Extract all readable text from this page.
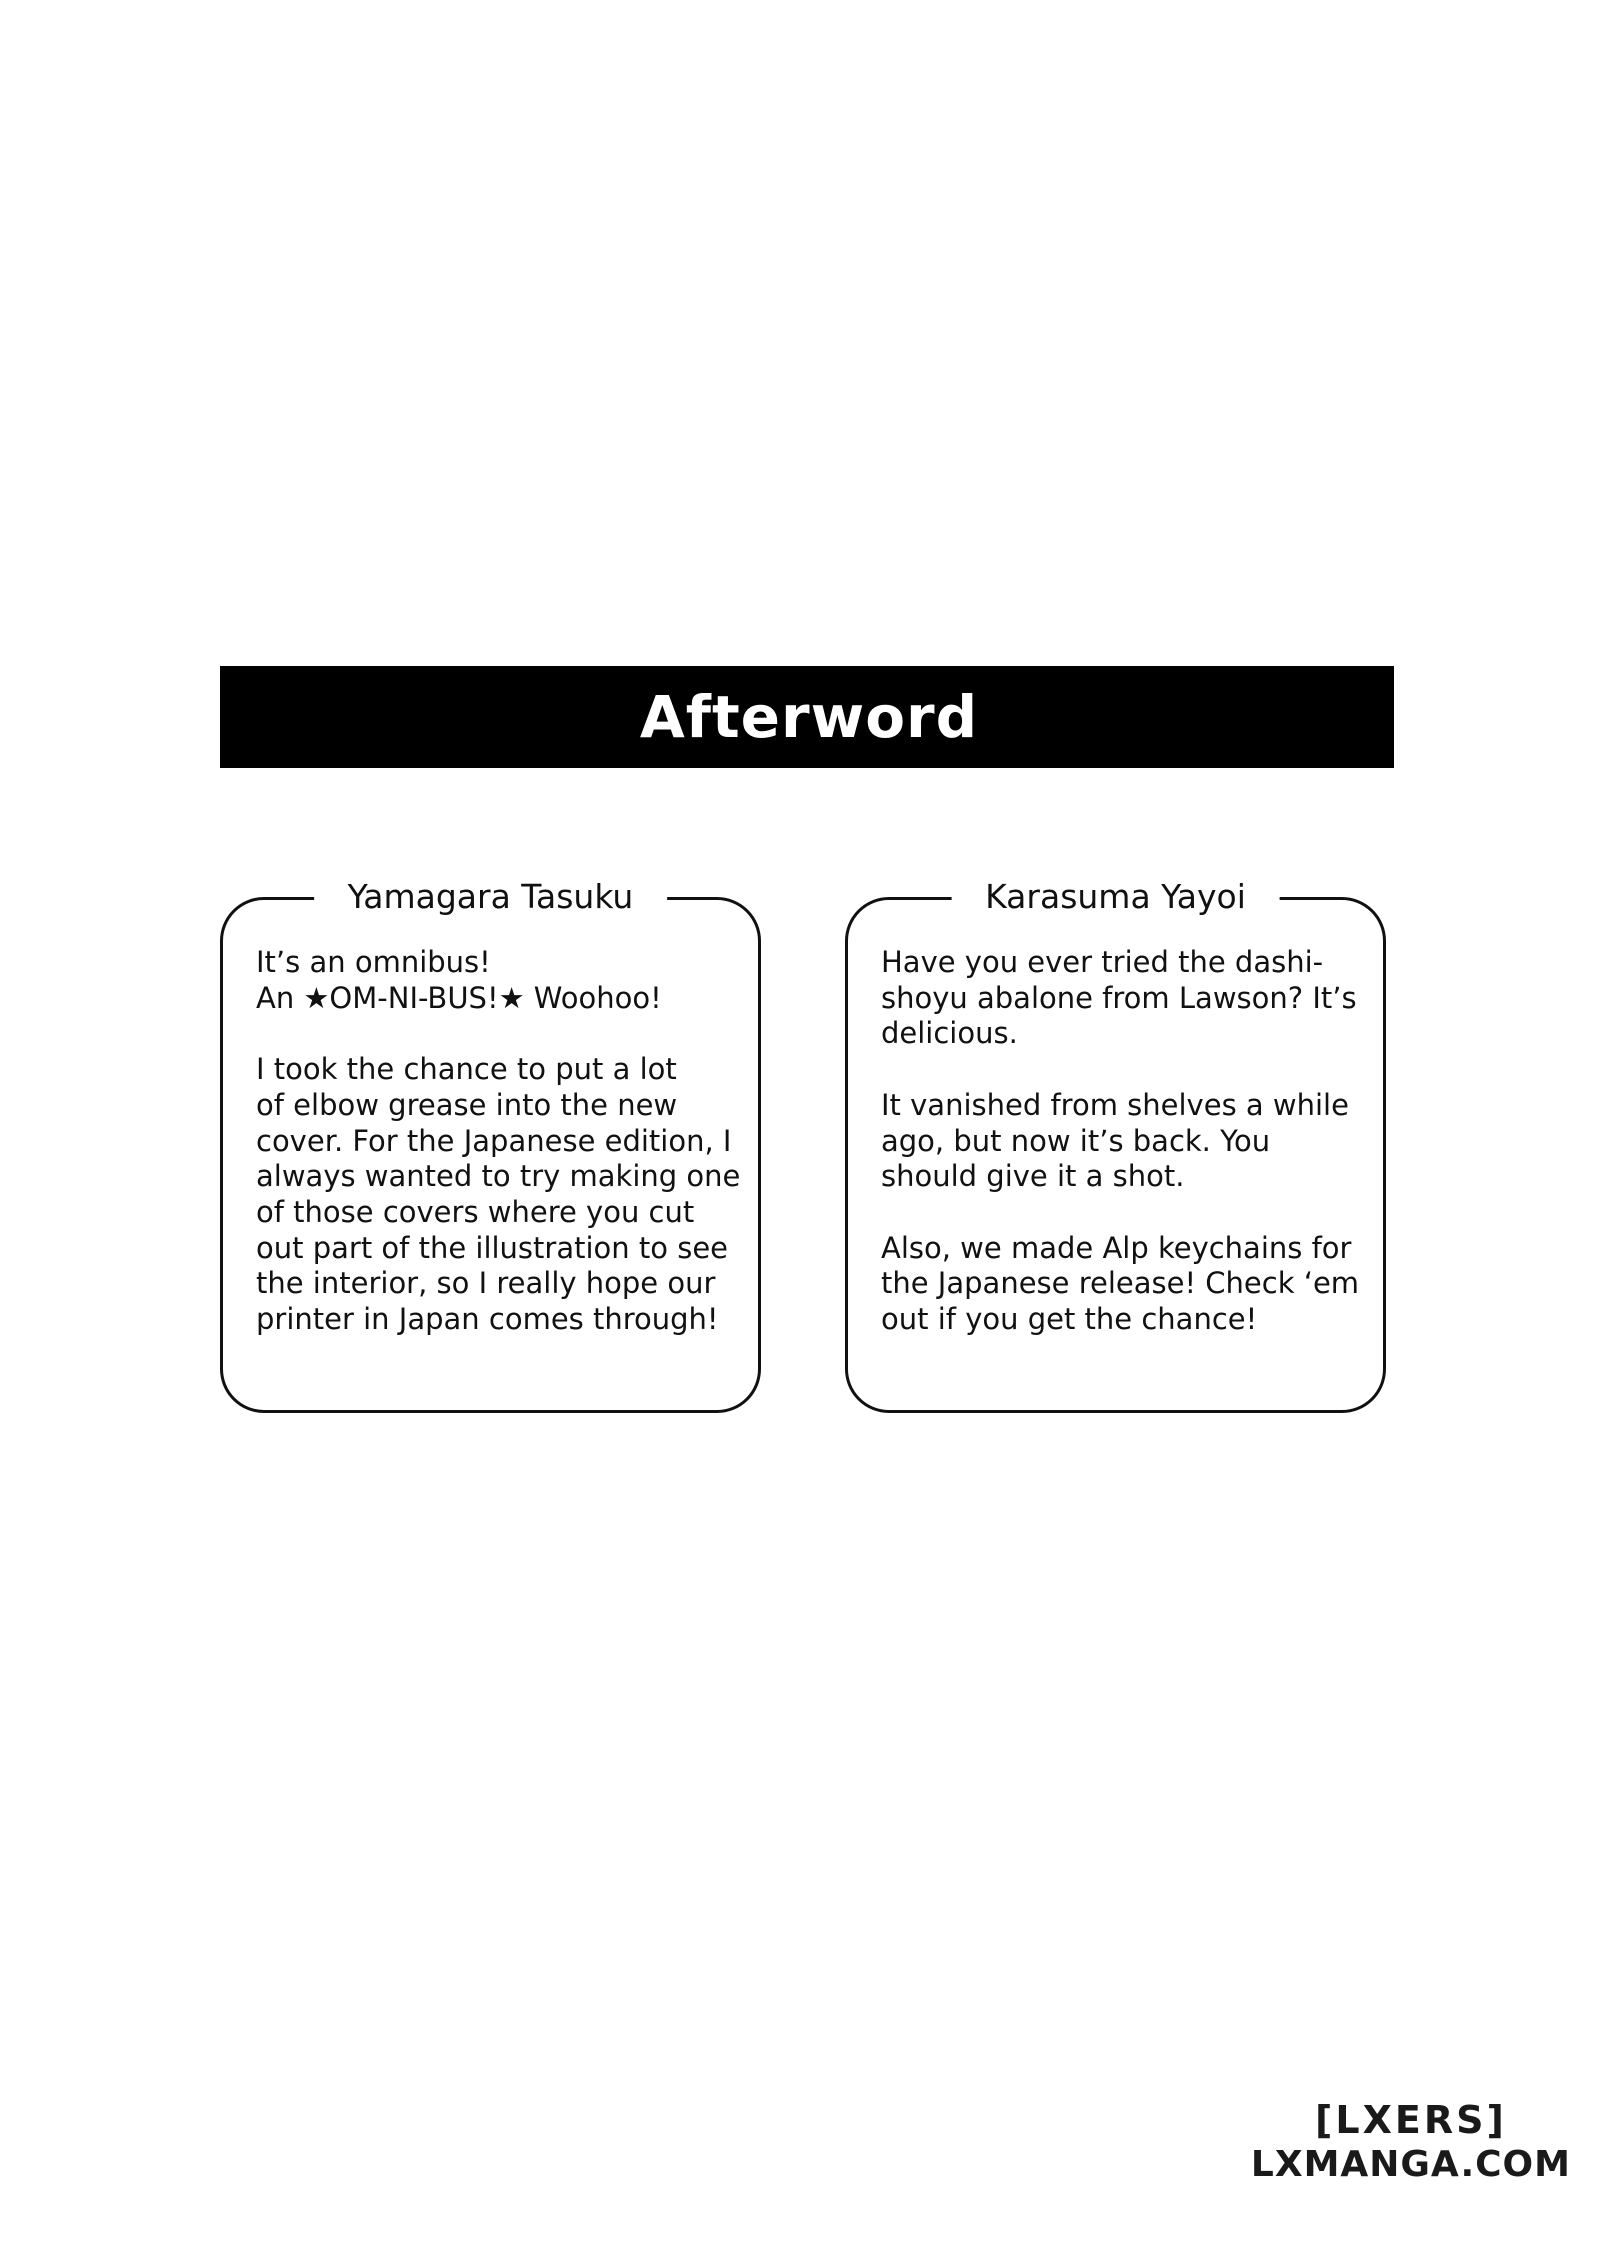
Afterword
Yamagara Tasuku

It’s an omnibus!
An ★OM-NI-BUS!★ Woohoo!

I took the chance to put a lot
of elbow grease into the new
cover. For the Japanese edition, I
always wanted to try making one
of those covers where you cut
out part of the illustration to see
the interior, so I really hope our
printer in Japan comes through!

Karasuma Yayoi

Have you ever tried the dashi-
shoyu abalone from Lawson? It’s
delicious.

It vanished from shelves a while
ago, but now it’s back. You
should give it a shot.

Also, we made Alp keychains for
the Japanese release! Check ‘em
out if you get the chance!

[LXERS]
LXMANGA.COM
